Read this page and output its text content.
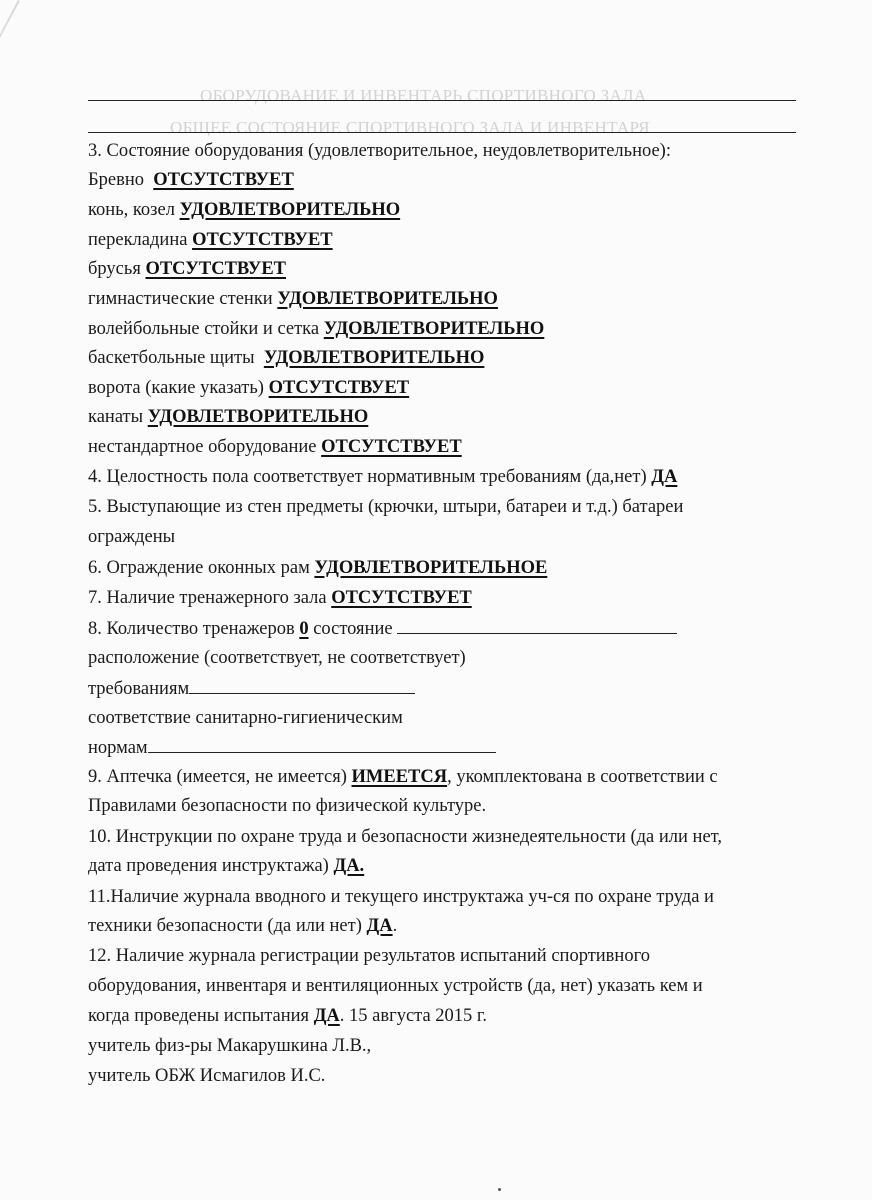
ОБОРУДОВАНИЕ И ИНВЕНТАРЬ СПОРТИВНОГО ЗАЛА
ОБЩЕЕ СОСТОЯНИЕ СПОРТИВНОГО ЗАЛА И ИНВЕНТАРЯ
3. Состояние оборудования (удовлетворительное, неудовлетворительное):
Бревно ОТСУТСТВУЕТ
конь, козел УДОВЛЕТВОРИТЕЛЬНО
перекладина ОТСУТСТВУЕТ
брусья ОТСУТСТВУЕТ
гимнастические стенки УДОВЛЕТВОРИТЕЛЬНО
волейбольные стойки и сетка УДОВЛЕТВОРИТЕЛЬНО
баскетбольные щиты УДОВЛЕТВОРИТЕЛЬНО
ворота (какие указать) ОТСУТСТВУЕТ
канаты УДОВЛЕТВОРИТЕЛЬНО
нестандартное оборудование ОТСУТСТВУЕТ
4. Целостность пола соответствует нормативным требованиям (да,нет) ДА
5. Выступающие из стен предметы (крючки, штыри, батареи и т.д.) батареи
ограждены
6. Ограждение оконных рам УДОВЛЕТВОРИТЕЛЬНОЕ
7. Наличие тренажерного зала ОТСУТСТВУЕТ
8. Количество тренажеров 0 состояние
расположение (соответствует, не соответствует)
требованиям
соответствие санитарно-гигиеническим
нормам
9. Аптечка (имеется, не имеется) ИМЕЕТСЯ, укомплектована в соответствии с
Правилами безопасности по физической культуре.
10. Инструкции по охране труда и безопасности жизнедеятельности (да или нет,
дата проведения инструктажа) ДА.
11.Наличие журнала вводного и текущего инструктажа уч-ся по охране труда и
техники безопасности (да или нет) ДА.
12. Наличие журнала регистрации результатов испытаний спортивного
оборудования, инвентаря и вентиляционных устройств (да, нет) указать кем и
когда проведены испытания ДА. 15 августа 2015 г.
учитель физ-ры Макарушкина Л.В.,
учитель ОБЖ Исмагилов И.С.
